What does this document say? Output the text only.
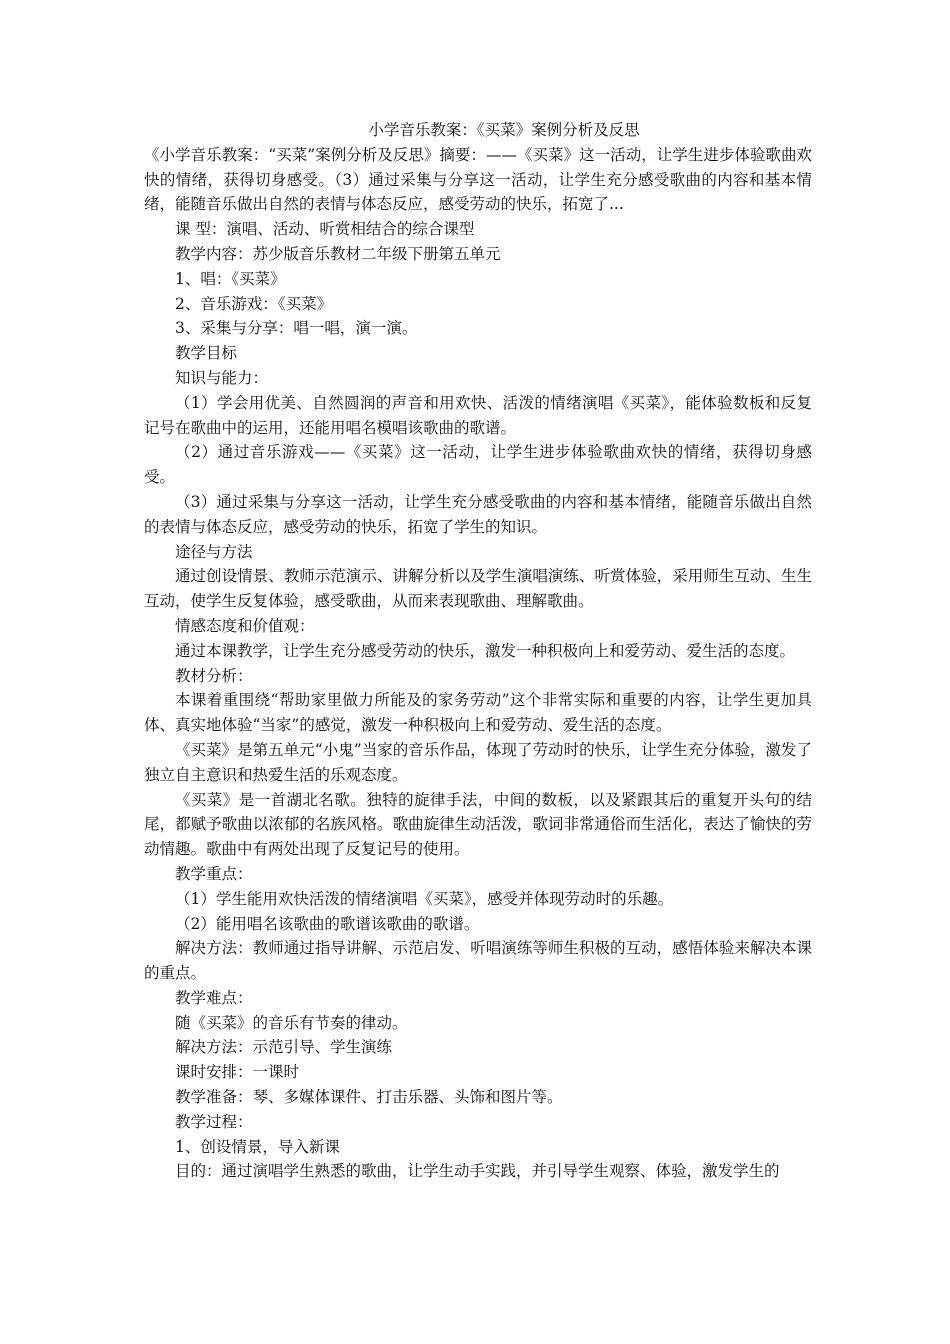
小学音乐教案：《买菜》案例分析及反思

《小学音乐教案：“买菜”案例分析及反思》摘要：——《买菜》这一活动，让学生进步体验歌曲欢快的情绪，获得切身感受。（3）通过采集与分享这一活动，让学生充分感受歌曲的内容和基本情绪，能随音乐做出自然的表情与体态反应，感受劳动的快乐，拓宽了...

课 型：演唱、活动、听赏相结合的综合课型

教学内容：苏少版音乐教材二年级下册第五单元

1、唱：《买菜》

2、音乐游戏：《买菜》

3、采集与分享：唱一唱，演一演。

教学目标

知识与能力：

（1）学会用优美、自然圆润的声音和用欢快、活泼的情绪演唱《买菜》，能体验数板和反复记号在歌曲中的运用，还能用唱名模唱该歌曲的歌谱。

（2）通过音乐游戏——《买菜》这一活动，让学生进步体验歌曲欢快的情绪，获得切身感受。

（3）通过采集与分享这一活动，让学生充分感受歌曲的内容和基本情绪，能随音乐做出自然的表情与体态反应，感受劳动的快乐，拓宽了学生的知识。

途径与方法

通过创设情景、教师示范演示、讲解分析以及学生演唱演练、听赏体验，采用师生互动、生生互动，使学生反复体验，感受歌曲，从而来表现歌曲、理解歌曲。

情感态度和价值观：

通过本课教学，让学生充分感受劳动的快乐，激发一种积极向上和爱劳动、爱生活的态度。

教材分析：

本课着重围绕“帮助家里做力所能及的家务劳动”这个非常实际和重要的内容，让学生更加具体、真实地体验“当家”的感觉，激发一种积极向上和爱劳动、爱生活的态度。

《买菜》是第五单元“小鬼”当家的音乐作品，体现了劳动时的快乐，让学生充分体验，激发了独立自主意识和热爱生活的乐观态度。

《买菜》是一首湖北名歌。独特的旋律手法，中间的数板，以及紧跟其后的重复开头句的结尾，都赋予歌曲以浓郁的名族风格。歌曲旋律生动活泼，歌词非常通俗而生活化，表达了愉快的劳动情趣。歌曲中有两处出现了反复记号的使用。

教学重点：

（1）学生能用欢快活泼的情绪演唱《买菜》，感受并体现劳动时的乐趣。

（2）能用唱名该歌曲的歌谱该歌曲的歌谱。

解决方法：教师通过指导讲解、示范启发、听唱演练等师生积极的互动，感悟体验来解决本课的重点。

教学难点：

随《买菜》的音乐有节奏的律动。

解决方法：示范引导、学生演练

课时安排：一课时

教学准备：琴、多媒体课件、打击乐器、头饰和图片等。

教学过程：

1、创设情景，导入新课

目的：通过演唱学生熟悉的歌曲，让学生动手实践，并引导学生观察、体验，激发学生的
